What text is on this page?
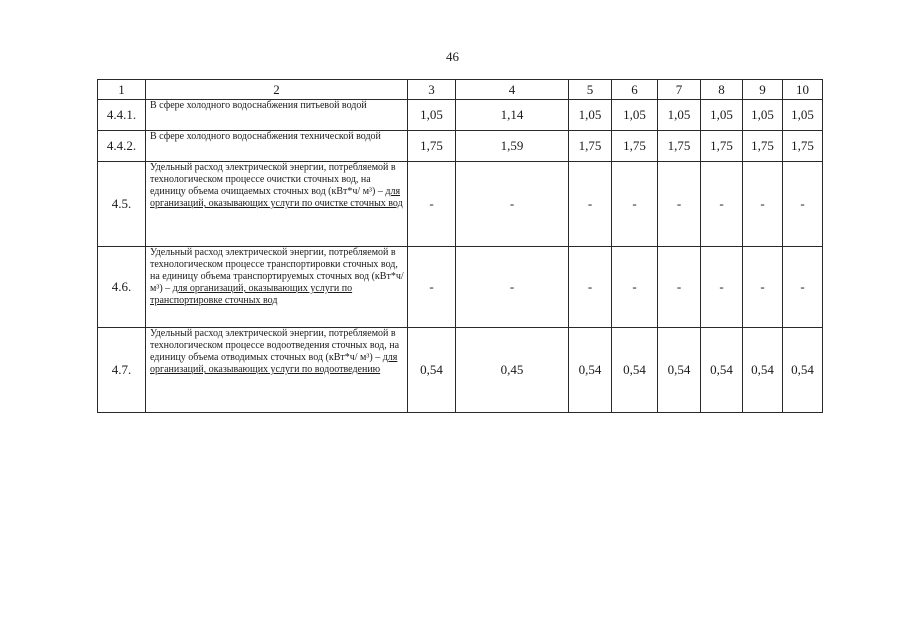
46
1	2	3	4	5	6	7	8	9	10
4.4.1.	В сфере холодного водоснабжения питьевой водой	1,05	1,14	1,05	1,05	1,05	1,05	1,05	1,05
4.4.2.	В сфере холодного водоснабжения технической водой	1,75	1,59	1,75	1,75	1,75	1,75	1,75	1,75
4.5.	Удельный расход электрической энергии, потребляемой в технологическом процессе очистки сточных вод, на единицу объема очищаемых сточных вод (кВт*ч/ м³) – для организаций, оказывающих услуги по очистке сточных вод	-	-	-	-	-	-	-	-
4.6.	Удельный расход электрической энергии, потребляемой в технологическом процессе транспортировки сточных вод, на единицу объема транспортируемых сточных вод (кВт*ч/ м³) – для организаций, оказывающих услуги по транспортировке сточных вод	-	-	-	-	-	-	-	-
4.7.	Удельный расход электрической энергии, потребляемой в технологическом процессе водоотведения сточных вод, на единицу объема отводимых сточных вод (кВт*ч/ м³) – для организаций, оказывающих услуги по водоотведению	0,54	0,45	0,54	0,54	0,54	0,54	0,54	0,54
